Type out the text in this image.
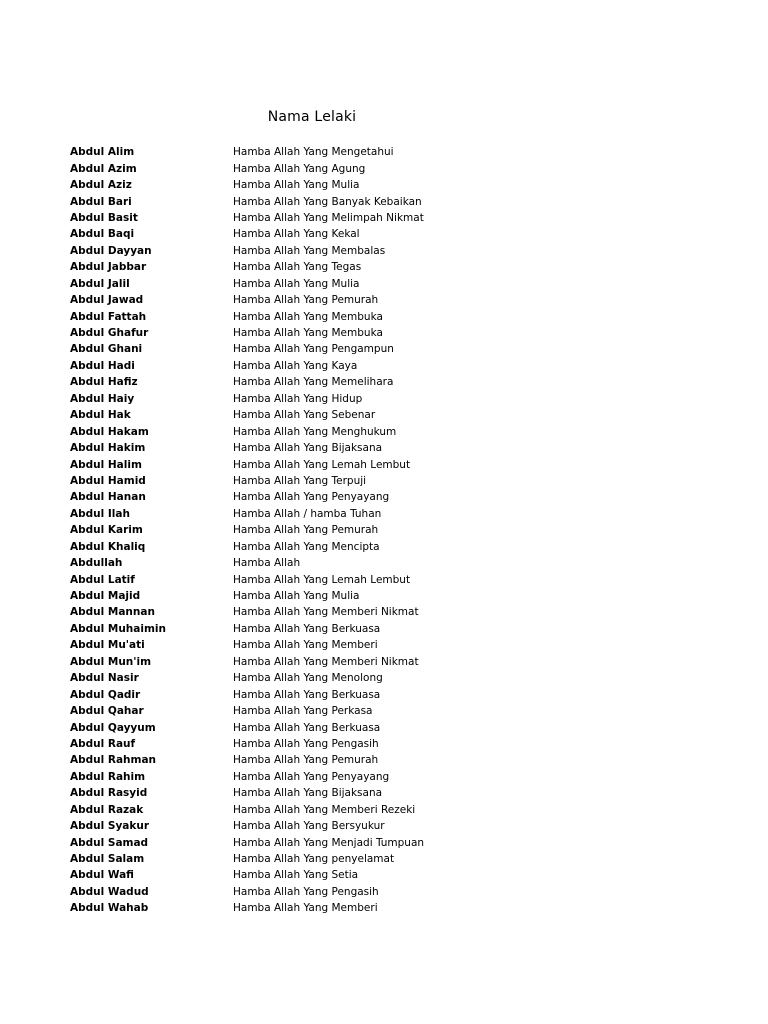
Nama Lelaki
Abdul Alim	Hamba Allah Yang Mengetahui
Abdul Azim	Hamba Allah Yang Agung
Abdul Aziz	Hamba Allah Yang Mulia
Abdul Bari	Hamba Allah Yang Banyak Kebaikan
Abdul Basit	Hamba Allah Yang Melimpah Nikmat
Abdul Baqi	Hamba Allah Yang Kekal
Abdul Dayyan	Hamba Allah Yang Membalas
Abdul Jabbar	Hamba Allah Yang Tegas
Abdul Jalil	Hamba Allah Yang Mulia
Abdul Jawad	Hamba Allah Yang Pemurah
Abdul Fattah	Hamba Allah Yang Membuka
Abdul Ghafur	Hamba Allah Yang Membuka
Abdul Ghani	Hamba Allah Yang Pengampun
Abdul Hadi	Hamba Allah Yang Kaya
Abdul Hafiz	Hamba Allah Yang Memelihara
Abdul Haiy	Hamba Allah Yang Hidup
Abdul Hak	Hamba Allah Yang Sebenar
Abdul Hakam	Hamba Allah Yang Menghukum
Abdul Hakim	Hamba Allah Yang Bijaksana
Abdul Halim	Hamba Allah Yang Lemah Lembut
Abdul Hamid	Hamba Allah Yang Terpuji
Abdul Hanan	Hamba Allah Yang Penyayang
Abdul Ilah	Hamba Allah / hamba Tuhan
Abdul Karim	Hamba Allah Yang Pemurah
Abdul Khaliq	Hamba Allah Yang Mencipta
Abdullah	Hamba Allah
Abdul Latif	Hamba Allah Yang Lemah Lembut
Abdul Majid	Hamba Allah Yang Mulia
Abdul Mannan	Hamba Allah Yang Memberi Nikmat
Abdul Muhaimin	Hamba Allah Yang Berkuasa
Abdul Mu'ati	Hamba Allah Yang Memberi
Abdul Mun'im	Hamba Allah Yang Memberi Nikmat
Abdul Nasir	Hamba Allah Yang Menolong
Abdul Qadir	Hamba Allah Yang Berkuasa
Abdul Qahar	Hamba Allah Yang Perkasa
Abdul Qayyum	Hamba Allah Yang Berkuasa
Abdul Rauf	Hamba Allah Yang Pengasih
Abdul Rahman	Hamba Allah Yang Pemurah
Abdul Rahim	Hamba Allah Yang Penyayang
Abdul Rasyid	Hamba Allah Yang Bijaksana
Abdul Razak	Hamba Allah Yang Memberi Rezeki
Abdul Syakur	Hamba Allah Yang Bersyukur
Abdul Samad	Hamba Allah Yang Menjadi Tumpuan
Abdul Salam	Hamba Allah Yang penyelamat
Abdul Wafi	Hamba Allah Yang Setia
Abdul Wadud	Hamba Allah Yang Pengasih
Abdul Wahab	Hamba Allah Yang Memberi
